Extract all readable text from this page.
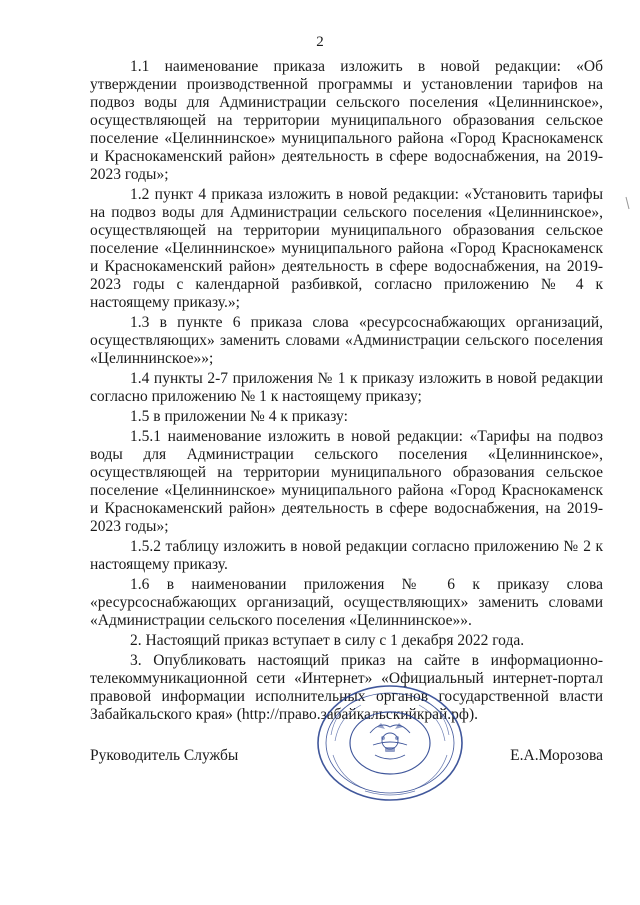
2

1.1 наименование приказа изложить в новой редакции: «Об утверждении производственной программы и установлении тарифов на подвоз воды для Администрации сельского поселения «Целиннинское», осуществляющей на территории муниципального образования сельское поселение «Целиннинское» муниципального района «Город Краснокаменск и Краснокаменский район» деятельность в сфере водоснабжения, на 2019-2023 годы»;

1.2 пункт 4 приказа изложить в новой редакции: «Установить тарифы на подвоз воды для Администрации сельского поселения «Целиннинское», осуществляющей на территории муниципального образования сельское поселение «Целиннинское» муниципального района «Город Краснокаменск и Краснокаменский район» деятельность в сфере водоснабжения, на 2019-2023 годы с календарной разбивкой, согласно приложению № 4 к настоящему приказу.»;

1.3 в пункте 6 приказа слова «ресурсоснабжающих организаций, осуществляющих» заменить словами «Администрации сельского поселения «Целиннинское»»;

1.4 пункты 2-7 приложения № 1 к приказу изложить в новой редакции согласно приложению № 1 к настоящему приказу;

1.5 в приложении № 4 к приказу:

1.5.1 наименование изложить в новой редакции: «Тарифы на подвоз воды для Администрации сельского поселения «Целиннинское», осуществляющей на территории муниципального образования сельское поселение «Целиннинское» муниципального района «Город Краснокаменск и Краснокаменский район» деятельность в сфере водоснабжения, на 2019-2023 годы»;

1.5.2 таблицу изложить в новой редакции согласно приложению № 2 к настоящему приказу.

1.6 в наименовании приложения № 6 к приказу слова «ресурсоснабжающих организаций, осуществляющих» заменить словами «Администрации сельского поселения «Целиннинское»».

2. Настоящий приказ вступает в силу с 1 декабря 2022 года.

3. Опубликовать настоящий приказ на сайте в информационно-телекоммуникационной сети «Интернет» «Официальный интернет-портал правовой информации исполнительных органов государственной власти Забайкальского края» (http://право.забайкальскийкрай.рф).

Руководитель Службы	Е.А.Морозова
